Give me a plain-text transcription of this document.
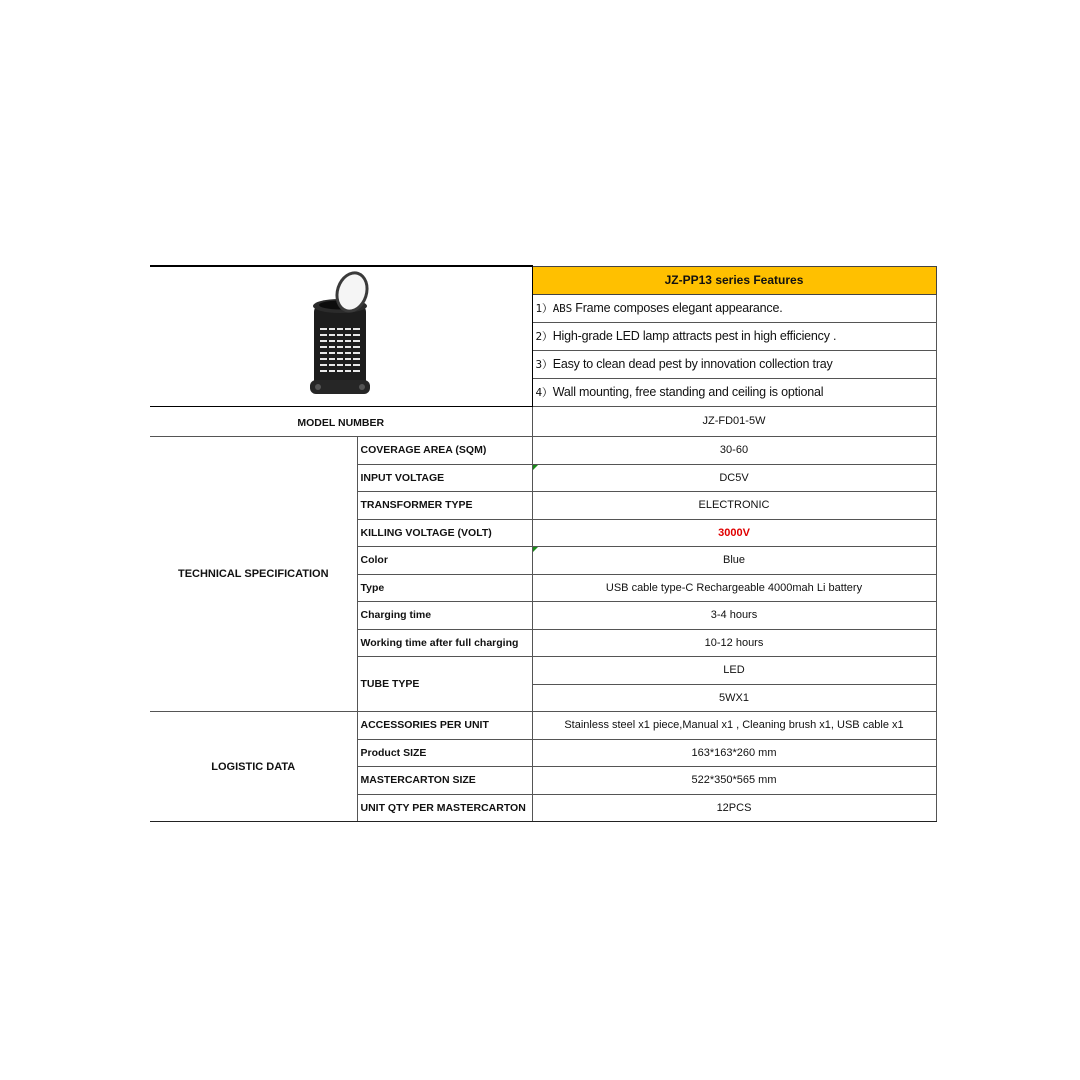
	JZ-PP13 series Features
		1）ABS Frame composes elegant appearance.
		2）High-grade LED lamp attracts pest in high efficiency .
		3）Easy to clean dead pest by innovation collection tray
		4）Wall mounting, free standing and ceiling is optional
MODEL NUMBER		JZ-FD01-5W
TECHNICAL SPECIFICATION	COVERAGE AREA (SQM)	30-60
	INPUT VOLTAGE	DC5V
	TRANSFORMER TYPE	ELECTRONIC
	KILLING VOLTAGE (VOLT)	3000V
	Color	Blue
	Type	USB cable type-C Rechargeable 4000mah Li battery
	Charging time	3-4 hours
	Working time after full charging	10-12 hours
	TUBE TYPE	LED
		5WX1
LOGISTIC DATA	ACCESSORIES PER UNIT	Stainless steel x1 piece,Manual x1 , Cleaning brush x1, USB cable x1
	Product SIZE	163*163*260 mm
	MASTERCARTON SIZE	522*350*565 mm
	UNIT QTY PER MASTERCARTON	12PCS
